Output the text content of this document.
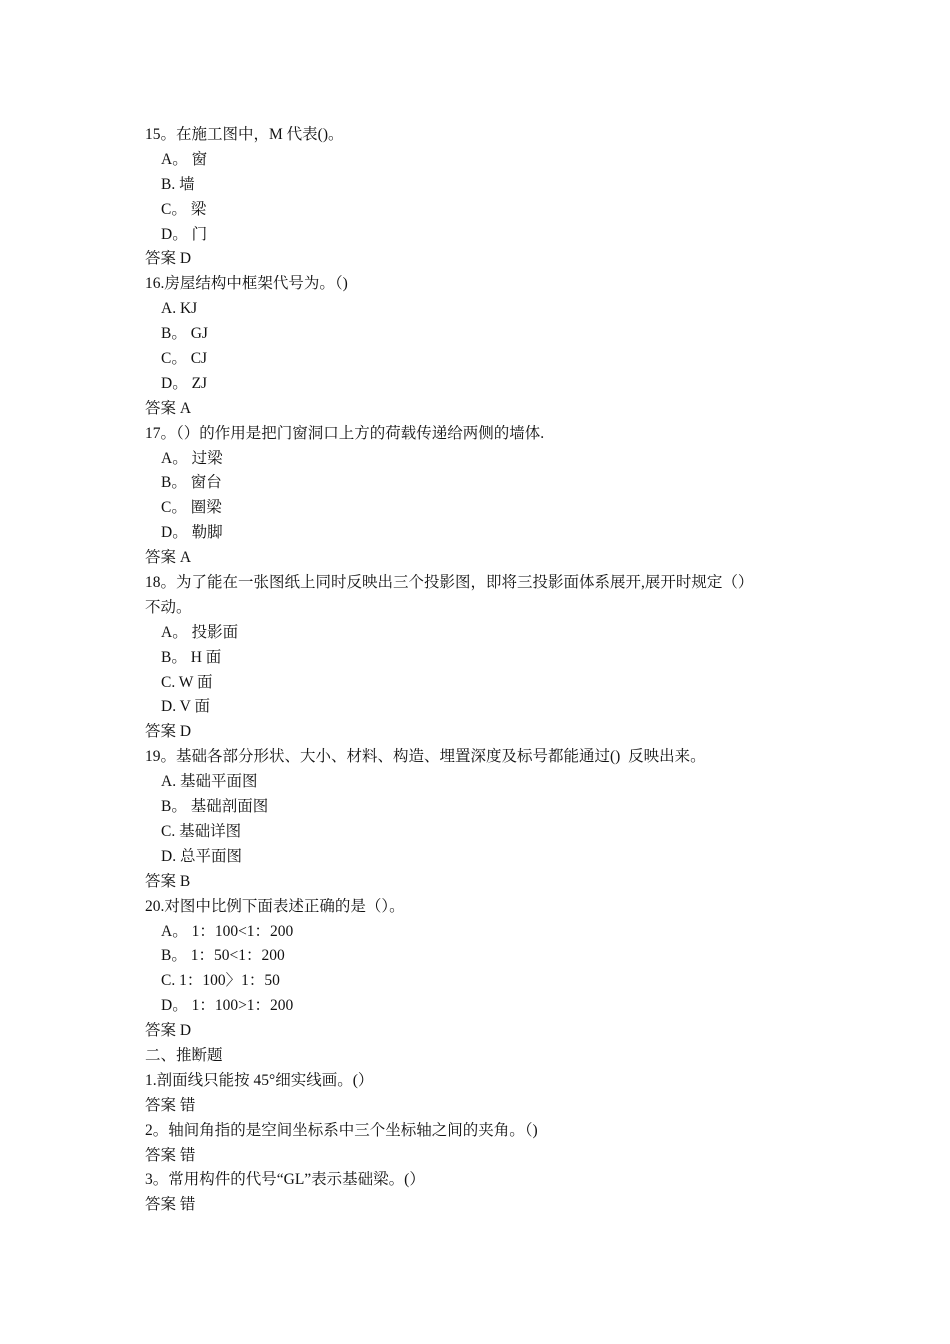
15。在施工图中，M 代表()。
A。 窗
B. 墙
C。 梁
D。 门
答案 D
16.房屋结构中框架代号为。（)
A. KJ
B。 GJ
C。 CJ
D。 ZJ
答案 A
17。（）的作用是把门窗洞口上方的荷载传递给两侧的墙体.
A。 过梁
B。 窗台
C。 圈梁
D。 勒脚
答案 A
18。为了能在一张图纸上同时反映出三个投影图，即将三投影面体系展开,展开时规定（）
不动。
A。 投影面
B。 H 面
C. W 面
D. V 面
答案 D
19。基础各部分形状、大小、材料、构造、埋置深度及标号都能通过()  反映出来。
A. 基础平面图
B。 基础剖面图
C. 基础详图
D. 总平面图
答案 B
20.对图中比例下面表述正确的是（）。
A。 1：100<1：200
B。 1：50<1：200
C. 1：100〉1：50
D。 1：100>1：200
答案 D
二、推断题
1.剖面线只能按 45°细实线画。(）
答案 错
2。轴间角指的是空间坐标系中三个坐标轴之间的夹角。（)
答案 错
3。常用构件的代号“GL”表示基础梁。(）
答案 错
